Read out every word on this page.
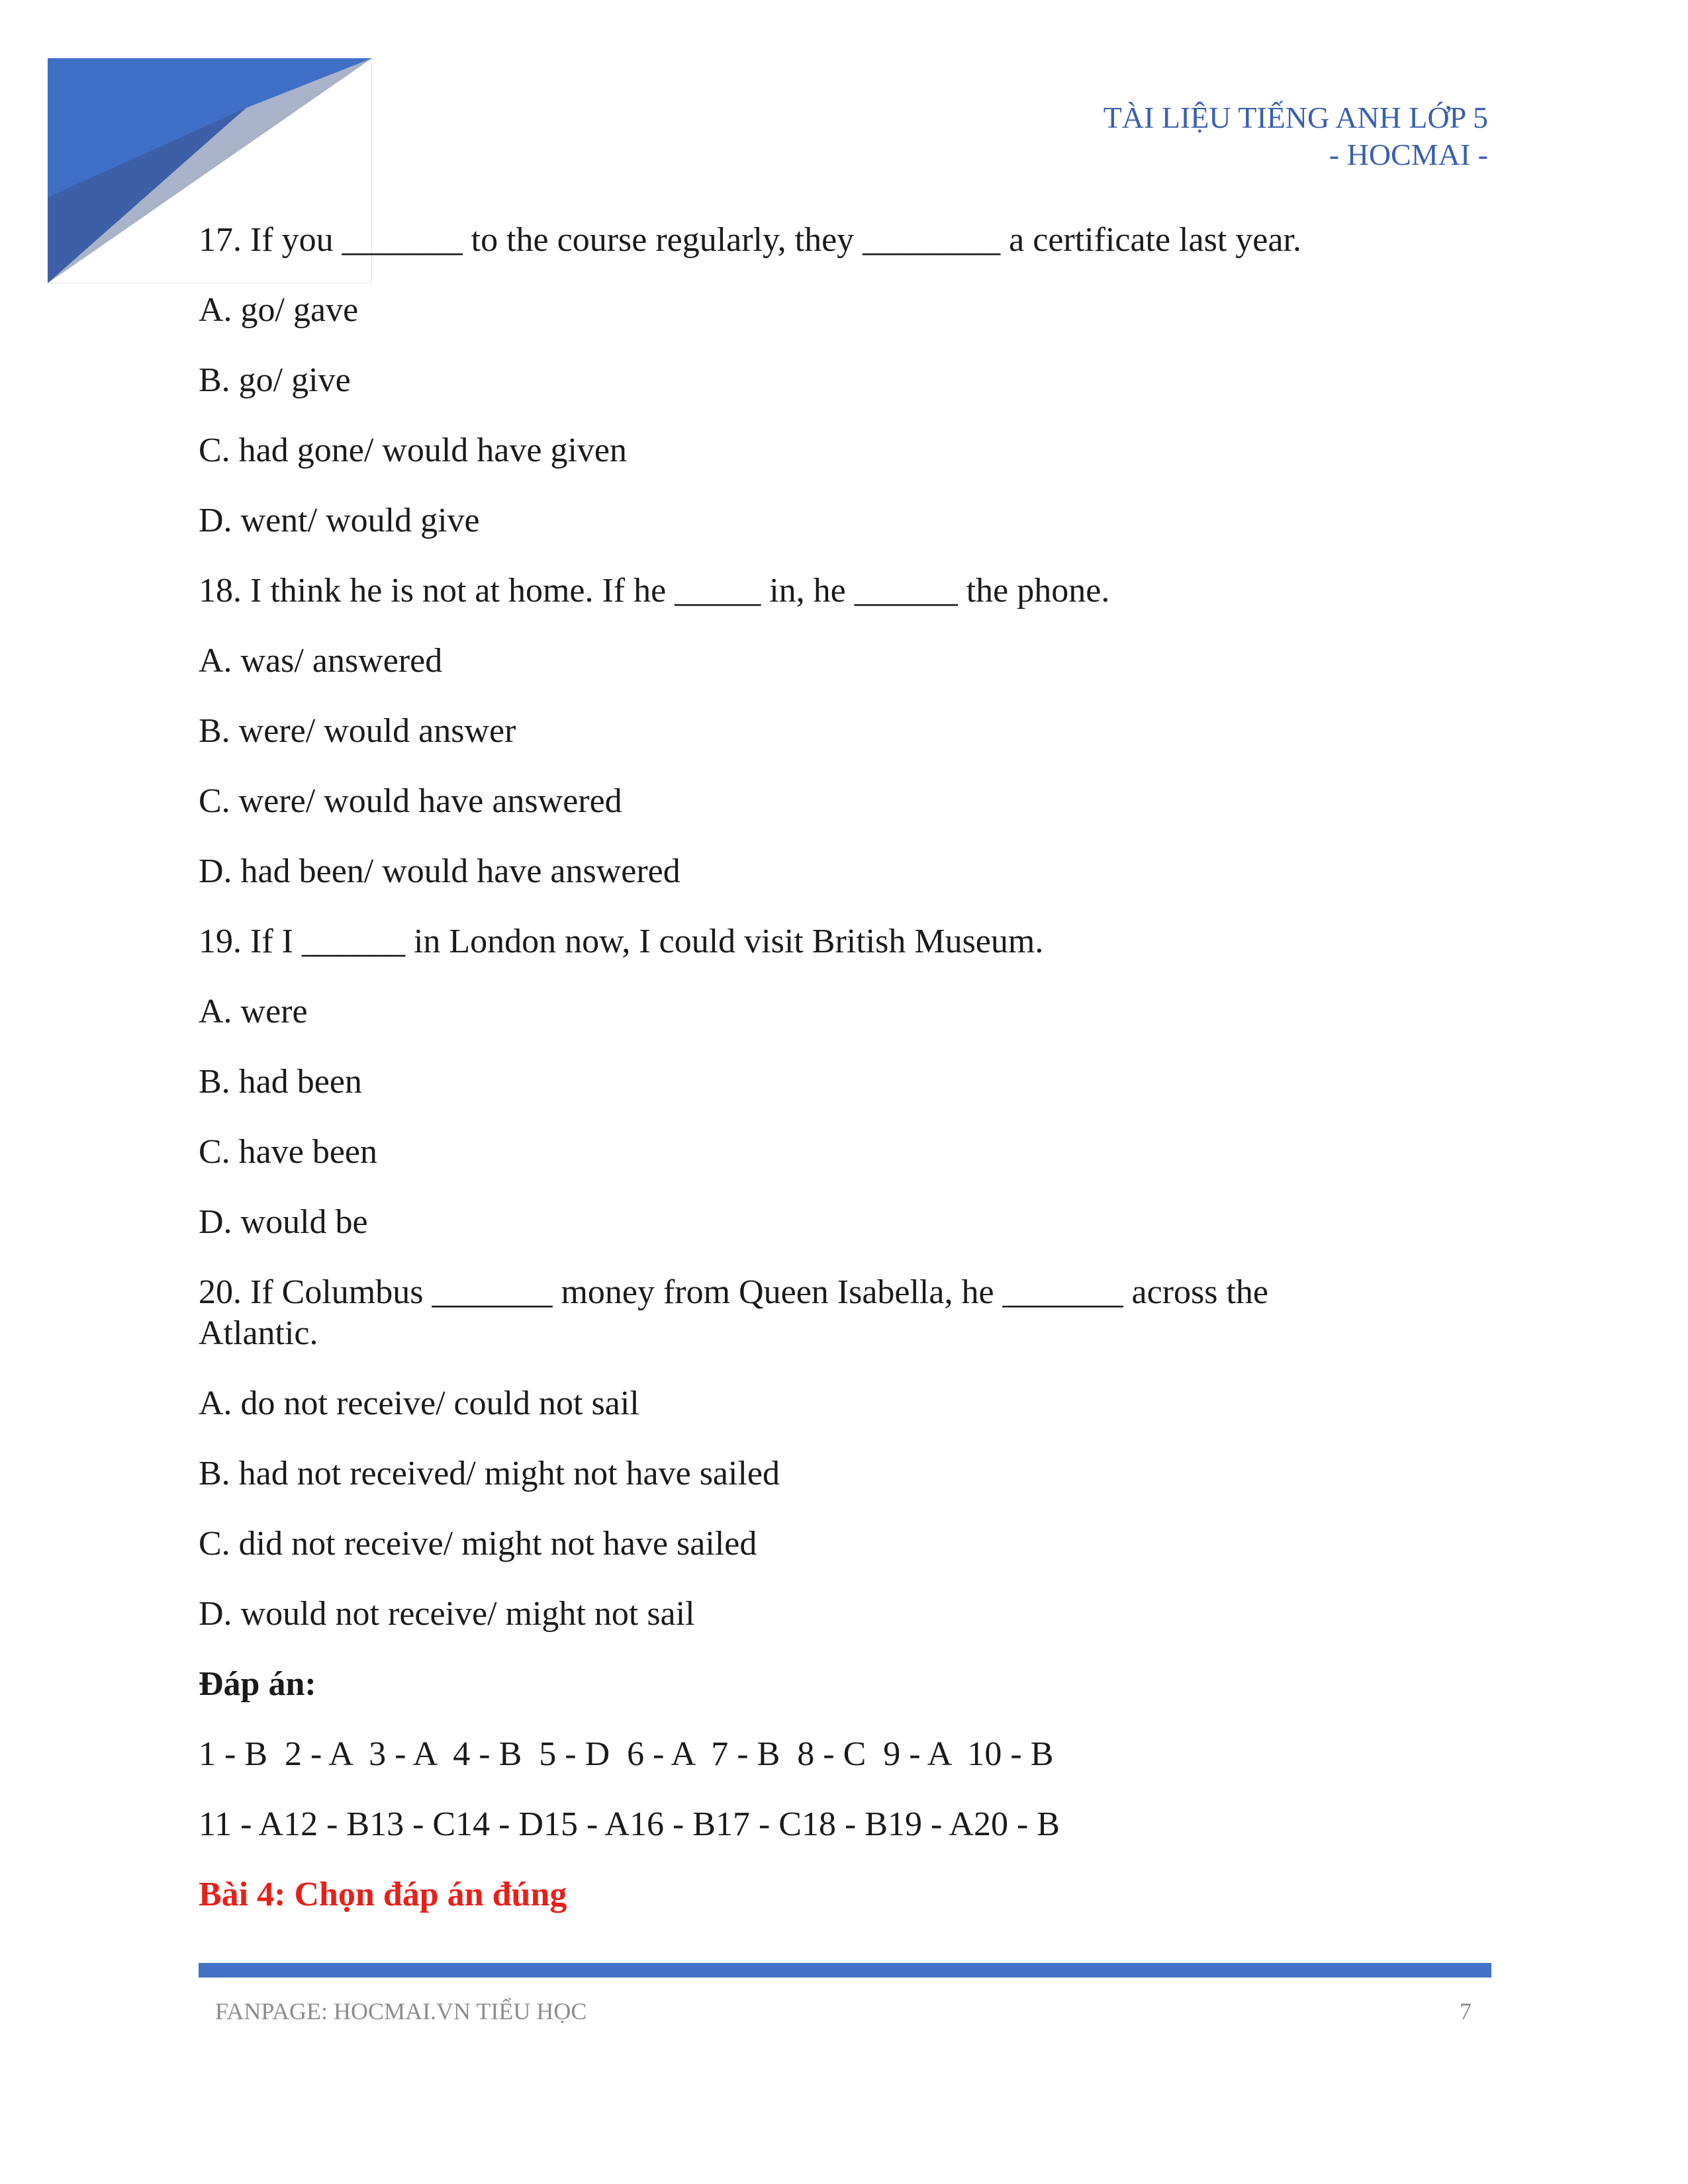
TÀI LIỆU TIẾNG ANH LỚP 5
- HOCMAI -
17. If you _______ to the course regularly, they ________ a certificate last year.
A. go/ gave
B. go/ give
C. had gone/ would have given
D. went/ would give
18. I think he is not at home. If he _____ in, he ______ the phone.
A. was/ answered
B. were/ would answer
C. were/ would have answered
D. had been/ would have answered
19. If I ______ in London now, I could visit British Museum.
A. were
B. had been
C. have been
D. would be
20. If Columbus _______ money from Queen Isabella, he _______ across the Atlantic.
A. do not receive/ could not sail
B. had not received/ might not have sailed
C. did not receive/ might not have sailed
D. would not receive/ might not sail
Đáp án:
1 - B  2 - A  3 - A  4 - B  5 - D  6 - A  7 - B  8 - C  9 - A  10 - B
11 - A12 - B13 - C14 - D15 - A16 - B17 - C18 - B19 - A20 - B
Bài 4: Chọn đáp án đúng
FANPAGE: HOCMAI.VN TIỂU HỌC	7
